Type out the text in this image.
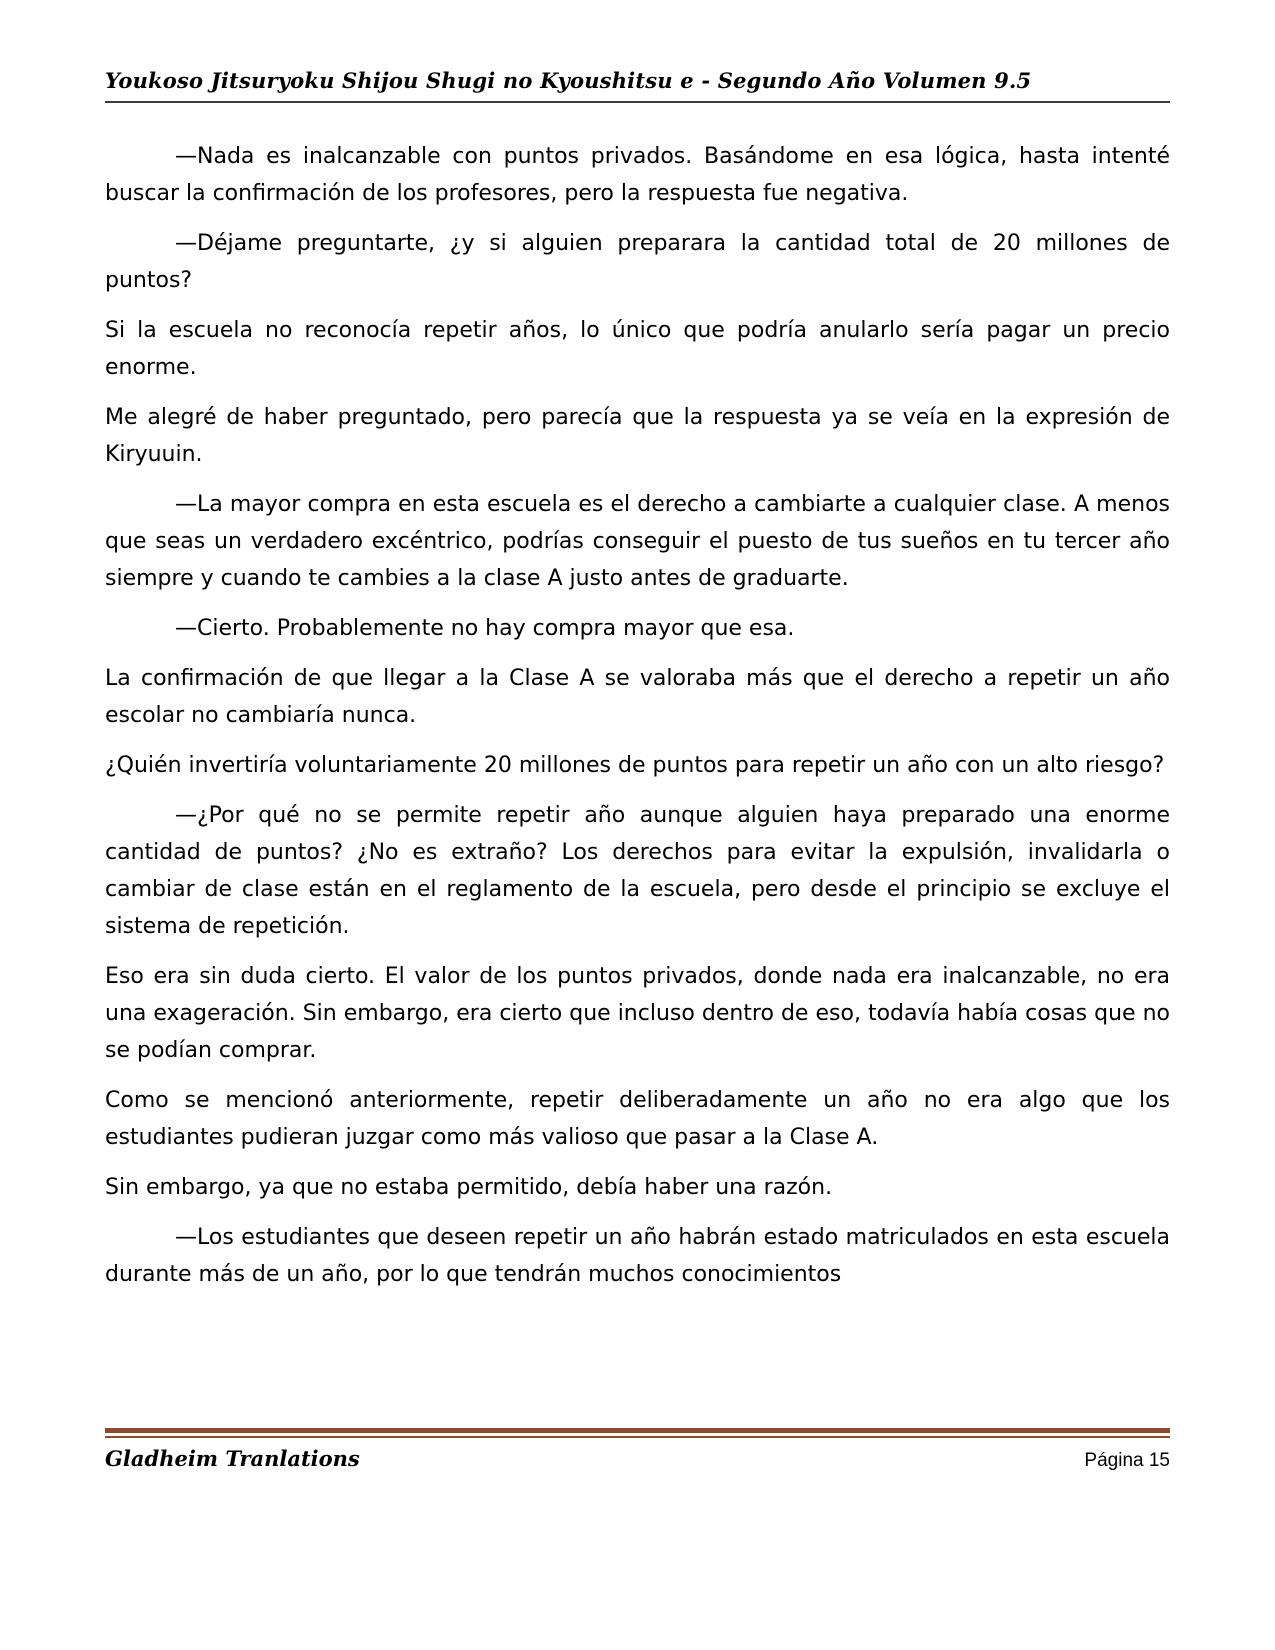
Youkoso Jitsuryoku Shijou Shugi no Kyoushitsu e - Segundo Año Volumen 9.5

—Nada es inalcanzable con puntos privados. Basándome en esa lógica, hasta intenté buscar la confirmación de los profesores, pero la respuesta fue negativa.

—Déjame preguntarte, ¿y si alguien preparara la cantidad total de 20 millones de puntos?

Si la escuela no reconocía repetir años, lo único que podría anularlo sería pagar un precio enorme.

Me alegré de haber preguntado, pero parecía que la respuesta ya se veía en la expresión de Kiryuuin.

—La mayor compra en esta escuela es el derecho a cambiarte a cualquier clase. A menos que seas un verdadero excéntrico, podrías conseguir el puesto de tus sueños en tu tercer año siempre y cuando te cambies a la clase A justo antes de graduarte.

—Cierto. Probablemente no hay compra mayor que esa.

La confirmación de que llegar a la Clase A se valoraba más que el derecho a repetir un año escolar no cambiaría nunca.

¿Quién invertiría voluntariamente 20 millones de puntos para repetir un año con un alto riesgo?

—¿Por qué no se permite repetir año aunque alguien haya preparado una enorme cantidad de puntos? ¿No es extraño? Los derechos para evitar la expulsión, invalidarla o cambiar de clase están en el reglamento de la escuela, pero desde el principio se excluye el sistema de repetición.

Eso era sin duda cierto. El valor de los puntos privados, donde nada era inalcanzable, no era una exageración. Sin embargo, era cierto que incluso dentro de eso, todavía había cosas que no se podían comprar.

Como se mencionó anteriormente, repetir deliberadamente un año no era algo que los estudiantes pudieran juzgar como más valioso que pasar a la Clase A.

Sin embargo, ya que no estaba permitido, debía haber una razón.

—Los estudiantes que deseen repetir un año habrán estado matriculados en esta escuela durante más de un año, por lo que tendrán muchos conocimientos

Gladheim Tranlations	Página 15
